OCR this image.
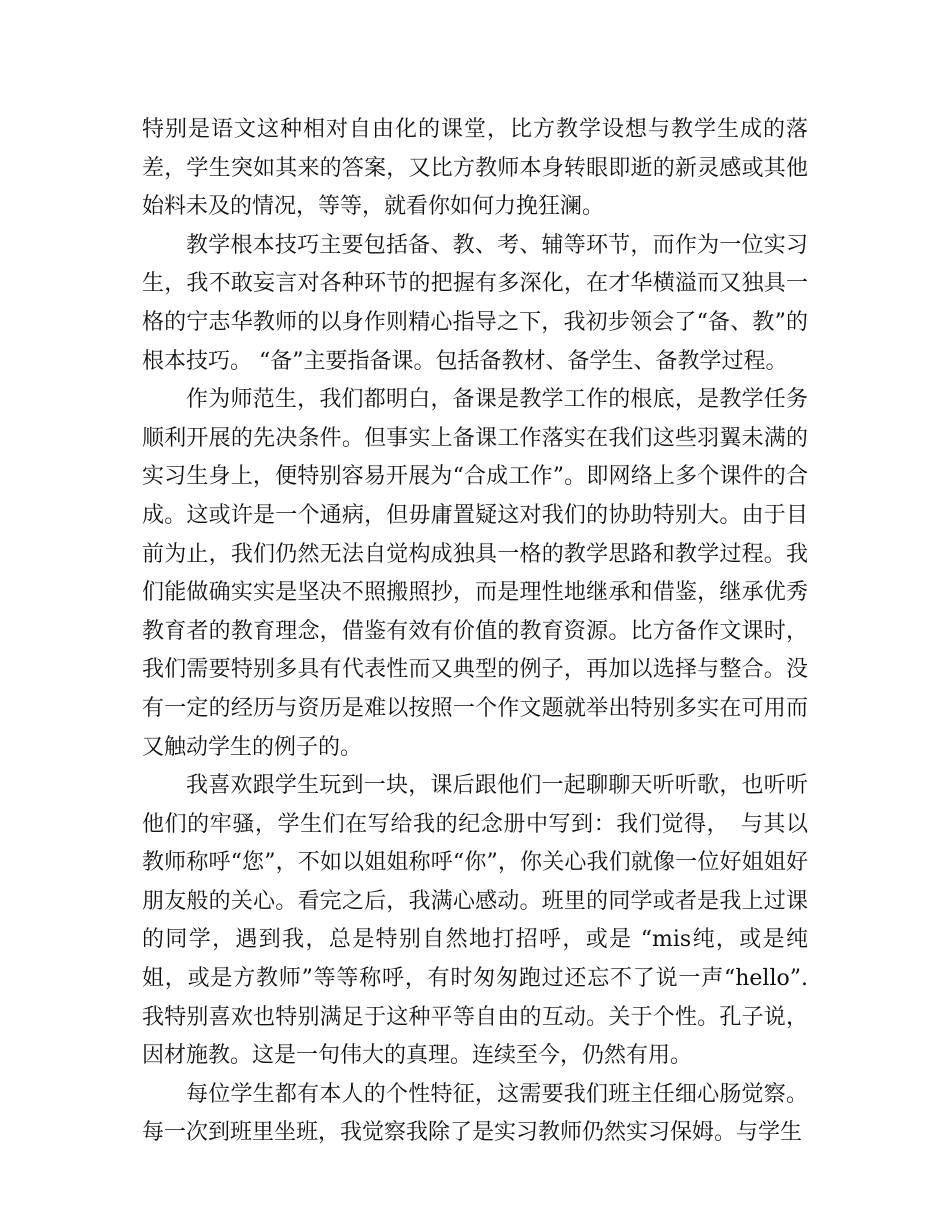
特别是语文这种相对自由化的课堂，比方教学设想与教学生成的落差，学生突如其来的答案，又比方教师本身转眼即逝的新灵感或其他始料未及的情况，等等，就看你如何力挽狂澜。

教学根本技巧主要包括备、教、考、辅等环节，而作为一位实习生，我不敢妄言对各种环节的把握有多深化，在才华横溢而又独具一格的宁志华教师的以身作则精心指导之下，我初步领会了“备、教”的根本技巧。 “备”主要指备课。包括备教材、备学生、备教学过程。

作为师范生，我们都明白，备课是教学工作的根底，是教学任务顺利开展的先决条件。但事实上备课工作落实在我们这些羽翼未满的实习生身上，便特别容易开展为“合成工作”。即网络上多个课件的合成。这或许是一个通病，但毋庸置疑这对我们的协助特别大。由于目前为止，我们仍然无法自觉构成独具一格的教学思路和教学过程。我们能做确实实是坚决不照搬照抄，而是理性地继承和借鉴，继承优秀教育者的教育理念，借鉴有效有价值的教育资源。比方备作文课时，我们需要特别多具有代表性而又典型的例子，再加以选择与整合。没有一定的经历与资历是难以按照一个作文题就举出特别多实在可用而又触动学生的例子的。

我喜欢跟学生玩到一块，课后跟他们一起聊聊天听听歌，也听听他们的牢骚，学生们在写给我的纪念册中写到：我们觉得，　与其以教师称呼“您”，不如以姐姐称呼“你”，你关心我们就像一位好姐姐好朋友般的关心。看完之后，我满心感动。班里的同学或者是我上过课的同学，遇到我，总是特别自然地打招呼，或是 “mis纯，或是纯姐，或是方教师”等等称呼，有时匆匆跑过还忘不了说一声“hello”.我特别喜欢也特别满足于这种平等自由的互动。关于个性。孔子说，因材施教。这是一句伟大的真理。连续至今，仍然有用。

每位学生都有本人的个性特征，这需要我们班主任细心肠觉察。每一次到班里坐班，我觉察我除了是实习教师仍然实习保姆。与学生
